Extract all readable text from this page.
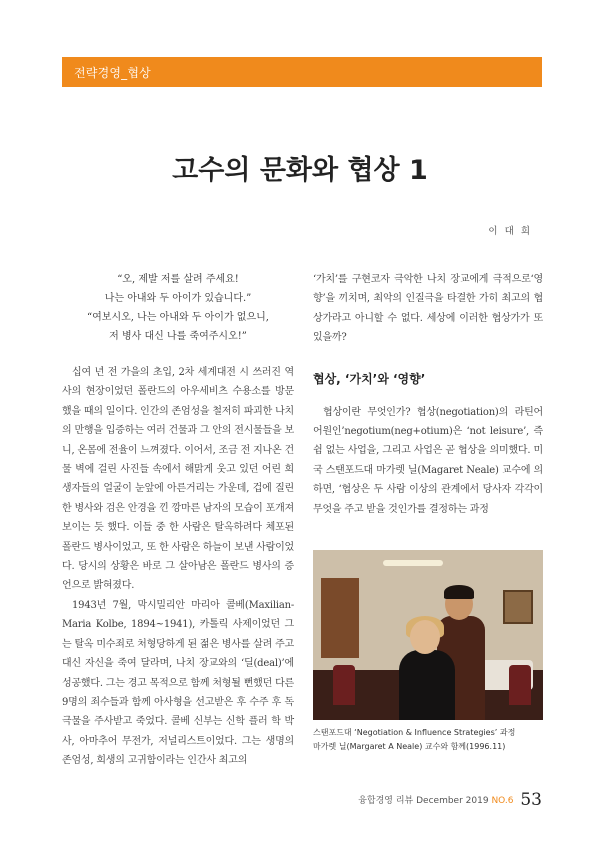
전략경영_협상
고수의 문화와 협상 1
이 대 희
“오, 제발 저를 살려 주세요!
나는 아내와 두 아이가 있습니다.”
“여보시오, 나는 아내와 두 아이가 없으니,
저 병사 대신 나를 죽여주시오!”

십여 년 전 가을의 초입, 2차 세계대전 시 쓰러진 역사의 현장이었던 폴란드의 아우세비츠 수용소를 방문했을 때의 일이다. 인간의 존엄성을 철저히 파괴한 나치의 만행을 입증하는 여러 건물과 그 안의 전시물들을 보니, 온몸에 전율이 느껴졌다. 이어서, 조금 전 지나온 건물 벽에 걸린 사진들 속에서 해맑게 웃고 있던 어린 희생자들의 얼굴이 눈앞에 아른거리는 가운데, 겁에 질린 한 병사와 검은 안경을 낀 깡마른 남자의 모습이 포개져 보이는 듯 했다. 이들 중 한 사람은 탈옥하려다 체포된 폴란드 병사이었고, 또 한 사람은 하늘이 보낸 사람이었다. 당시의 상황은 바로 그 살아남은 폴란드 병사의 증언으로 밝혀졌다.

1943년 7월, 막시밀리안 마리아 콜베(Maxilian-Maria Kolbe, 1894~1941), 카톨릭 사제이었던 그는 탈옥 미수죄로 처형당하게 된 젊은 병사를 살려 주고 대신 자신을 죽여 달라며, 나치 장교와의 ‘딜(deal)’에 성공했다. 그는 경고 목적으로 함께 처형될 뻔했던 다른 9명의 죄수들과 함께 아사형을 선고받은 후 수주 후 독극물을 주사받고 죽었다. 콜베 신부는 신학 플러 학 박사, 아마추어 무전가, 저널리스트이었다. 그는 생명의 존엄성, 희생의 고귀함이라는 인간사 최고의

‘가치’를 구현코자 극악한 나치 장교에게 극적으로‘영향’을 끼치며, 최악의 인질극을 타결한 가히 최고의 협상가라고 아니할 수 없다. 세상에 이러한 협상가가 또 있을까?

협상, ‘가치’와 ‘영향’

협상이란 무엇인가? 협상(negotiation)의 라틴어 어원인’negotium(neg+otium)은 ‘not leisure’, 즉 쉼 없는 사업을, 그리고 사업은 곧 협상을 의미했다. 미국 스탠포드대 마가렛 닐(Magaret Neale) 교수에 의하면, ‘협상은 두 사람 이상의 관계에서 당사자 각각이 무엇을 주고 받을 것인가를 결정하는 과정

스탠포드대 ‘Negotiation & Influence Strategies’ 과정
마가렛 닐(Margaret A Neale) 교수와 함께(1996.11)
융합경영 리뷰 December 2019 NO.6 53
